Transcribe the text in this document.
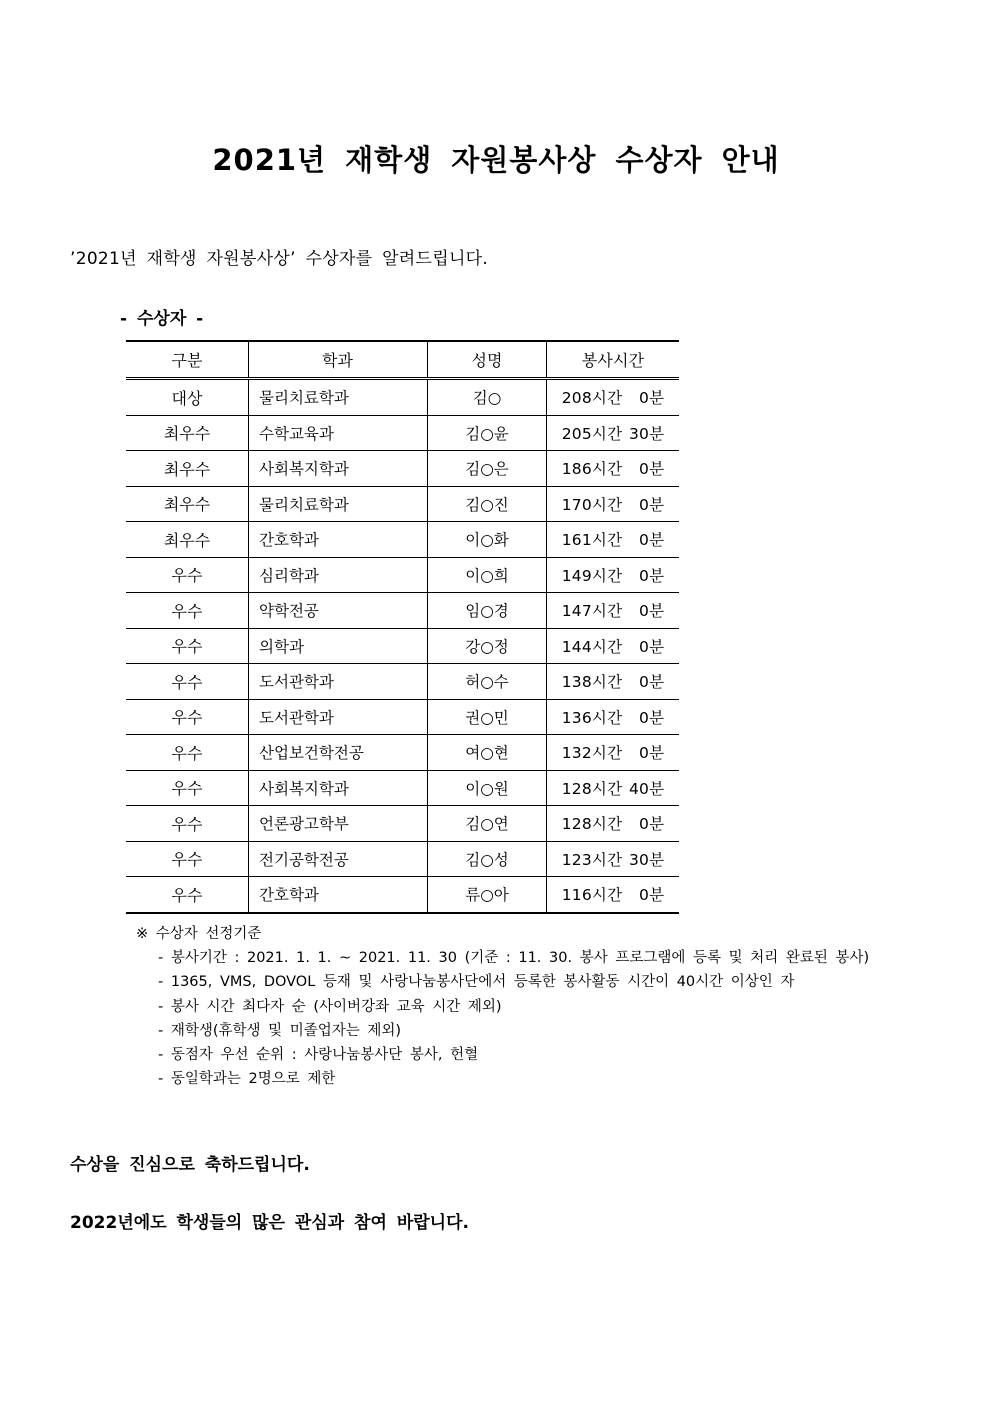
2021년 재학생 자원봉사상 수상자 안내
’2021년 재학생 자원봉사상’ 수상자를 알려드립니다.
- 수상자 -
구분	학과	성명	봉사시간
대상	물리치료학과	김○	208시간 0분
최우수	수학교육과	김○윤	205시간 30분
최우수	사회복지학과	김○은	186시간 0분
최우수	물리치료학과	김○진	170시간 0분
최우수	간호학과	이○화	161시간 0분
우수	심리학과	이○희	149시간 0분
우수	약학전공	임○경	147시간 0분
우수	의학과	강○정	144시간 0분
우수	도서관학과	허○수	138시간 0분
우수	도서관학과	권○민	136시간 0분
우수	산업보건학전공	여○현	132시간 0분
우수	사회복지학과	이○원	128시간 40분
우수	언론광고학부	김○연	128시간 0분
우수	전기공학전공	김○성	123시간 30분
우수	간호학과	류○아	116시간 0분
※ 수상자 선정기준
- 봉사기간 : 2021. 1. 1. ~ 2021. 11. 30 (기준 : 11. 30. 봉사 프로그램에 등록 및 처리 완료된 봉사)
- 1365, VMS, DOVOL 등재 및 사랑나눔봉사단에서 등록한 봉사활동 시간이 40시간 이상인 자
- 봉사 시간 최다자 순 (사이버강좌 교육 시간 제외)
- 재학생(휴학생 및 미졸업자는 제외)
- 동점자 우선 순위 : 사랑나눔봉사단 봉사, 헌혈
- 동일학과는 2명으로 제한
수상을 진심으로 축하드립니다.
2022년에도 학생들의 많은 관심과 참여 바랍니다.
